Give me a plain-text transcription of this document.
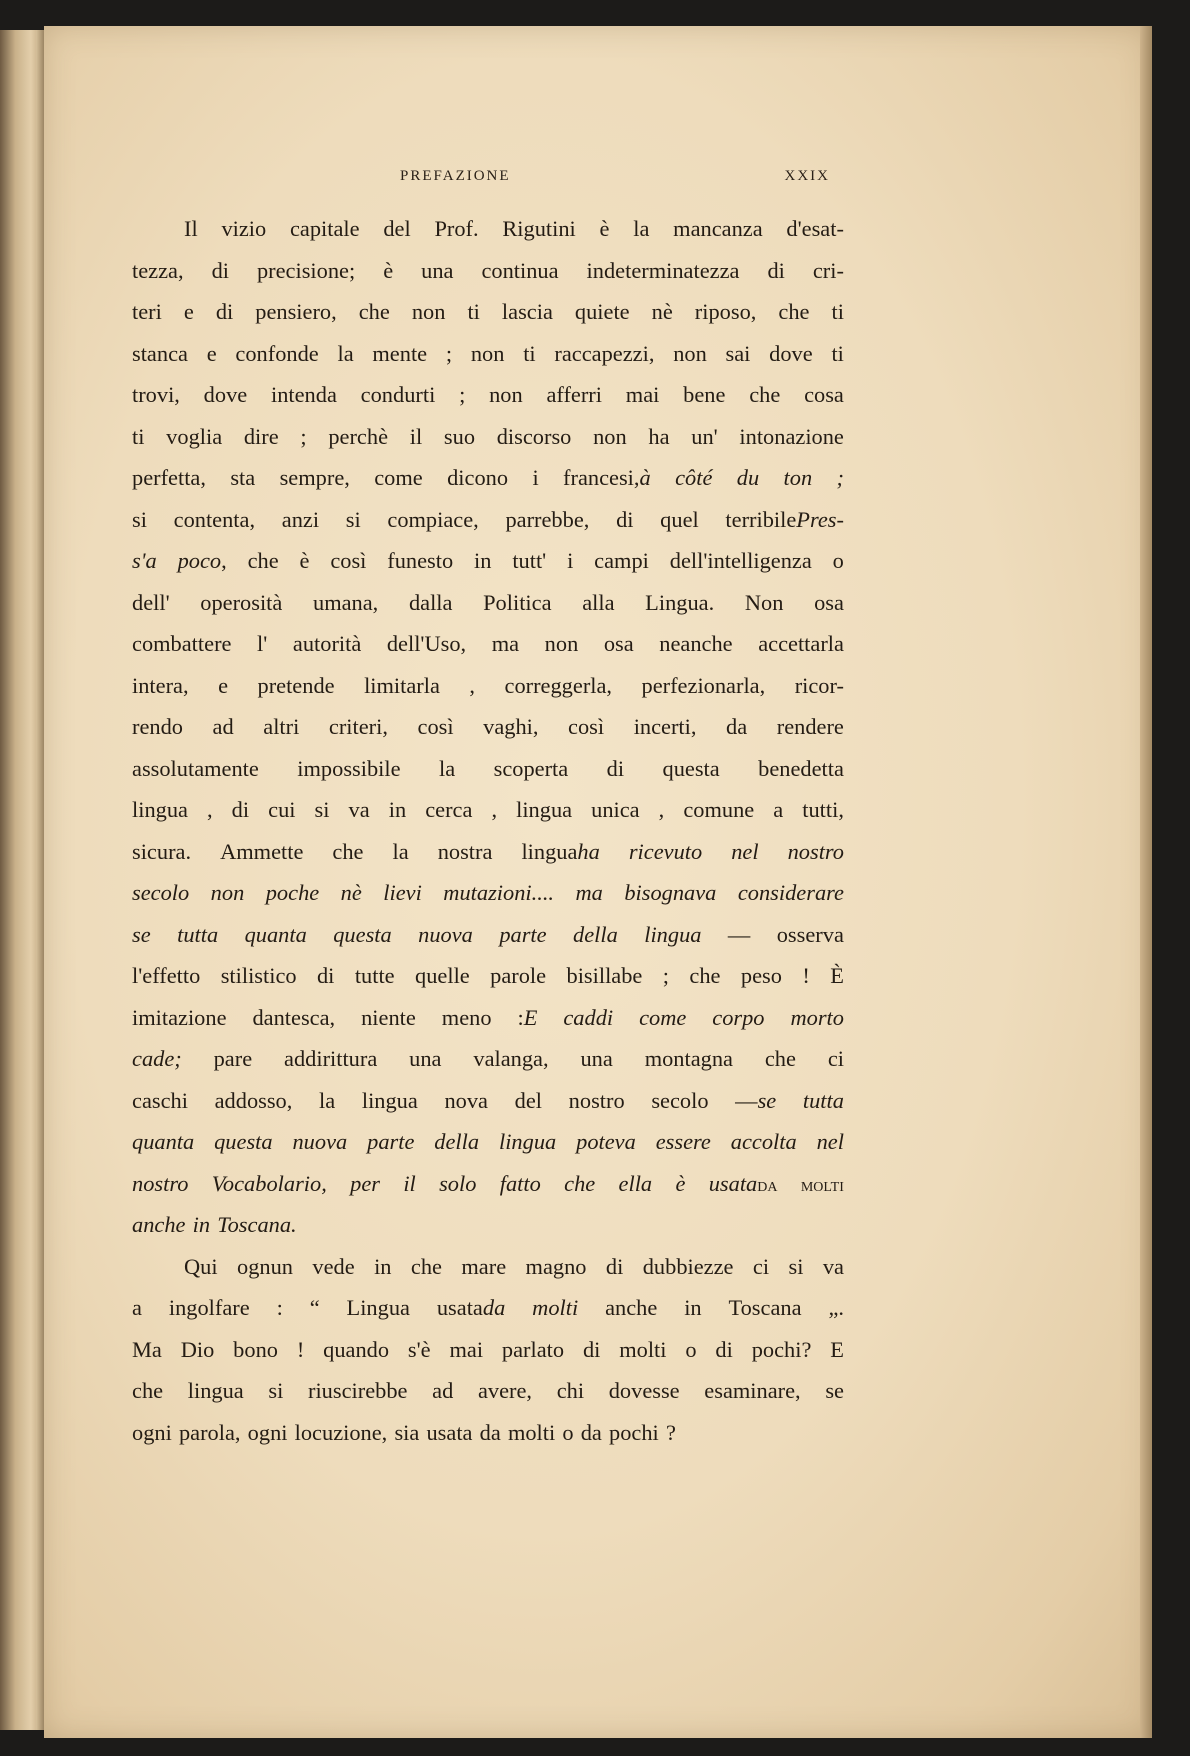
PREFAZIONE	XXIX
Il vizio capitale del Prof. Rigutini è la mancanza d'esat-
tezza, di precisione; è una continua indeterminatezza di cri-
teri e di pensiero, che non ti lascia quiete nè riposo, che ti
stanca e confonde la mente ; non ti raccapezzi, non sai dove ti
trovi, dove intenda condurti ; non afferri mai bene che cosa
ti voglia dire ; perchè il suo discorso non ha un' intonazione
perfetta, sta sempre, come dicono i francesi,à côté du ton ;
si contenta, anzi si compiace, parrebbe, di quel terribilePres-
s'a poco, che è così funesto in tutt' i campi dell'intelligenza o
dell' operosità umana, dalla Politica alla Lingua. Non osa
combattere l' autorità dell'Uso, ma non osa neanche accettarla
intera, e pretende limitarla , correggerla, perfezionarla, ricor-
rendo ad altri criteri, così vaghi, così incerti, da rendere
assolutamente impossibile la scoperta di questa benedetta
lingua , di cui si va in cerca , lingua unica , comune a tutti,
sicura. Ammette che la nostra linguaha ricevuto nel nostro
secolo non poche nè lievi mutazioni.... ma bisognava considerare
se tutta quanta questa nuova parte della lingua — osserva
l'effetto stilistico di tutte quelle parole bisillabe ; che peso ! È
imitazione dantesca, niente meno :E caddi come corpo morto
cade; pare addirittura una valanga, una montagna che ci
caschi addosso, la lingua nova del nostro secolo —se tutta
quanta questa nuova parte della lingua poteva essere accolta nel
nostro Vocabolario, per il solo fatto che ella è usatada molti
anche in Toscana.
Qui ognun vede in che mare magno di dubbiezze ci si va
a ingolfare : “ Lingua usatada molti anche in Toscana „.
Ma Dio bono ! quando s'è mai parlato di molti o di pochi? E
che lingua si riuscirebbe ad avere, chi dovesse esaminare, se
ogni parola, ogni locuzione, sia usata da molti o da pochi ?
